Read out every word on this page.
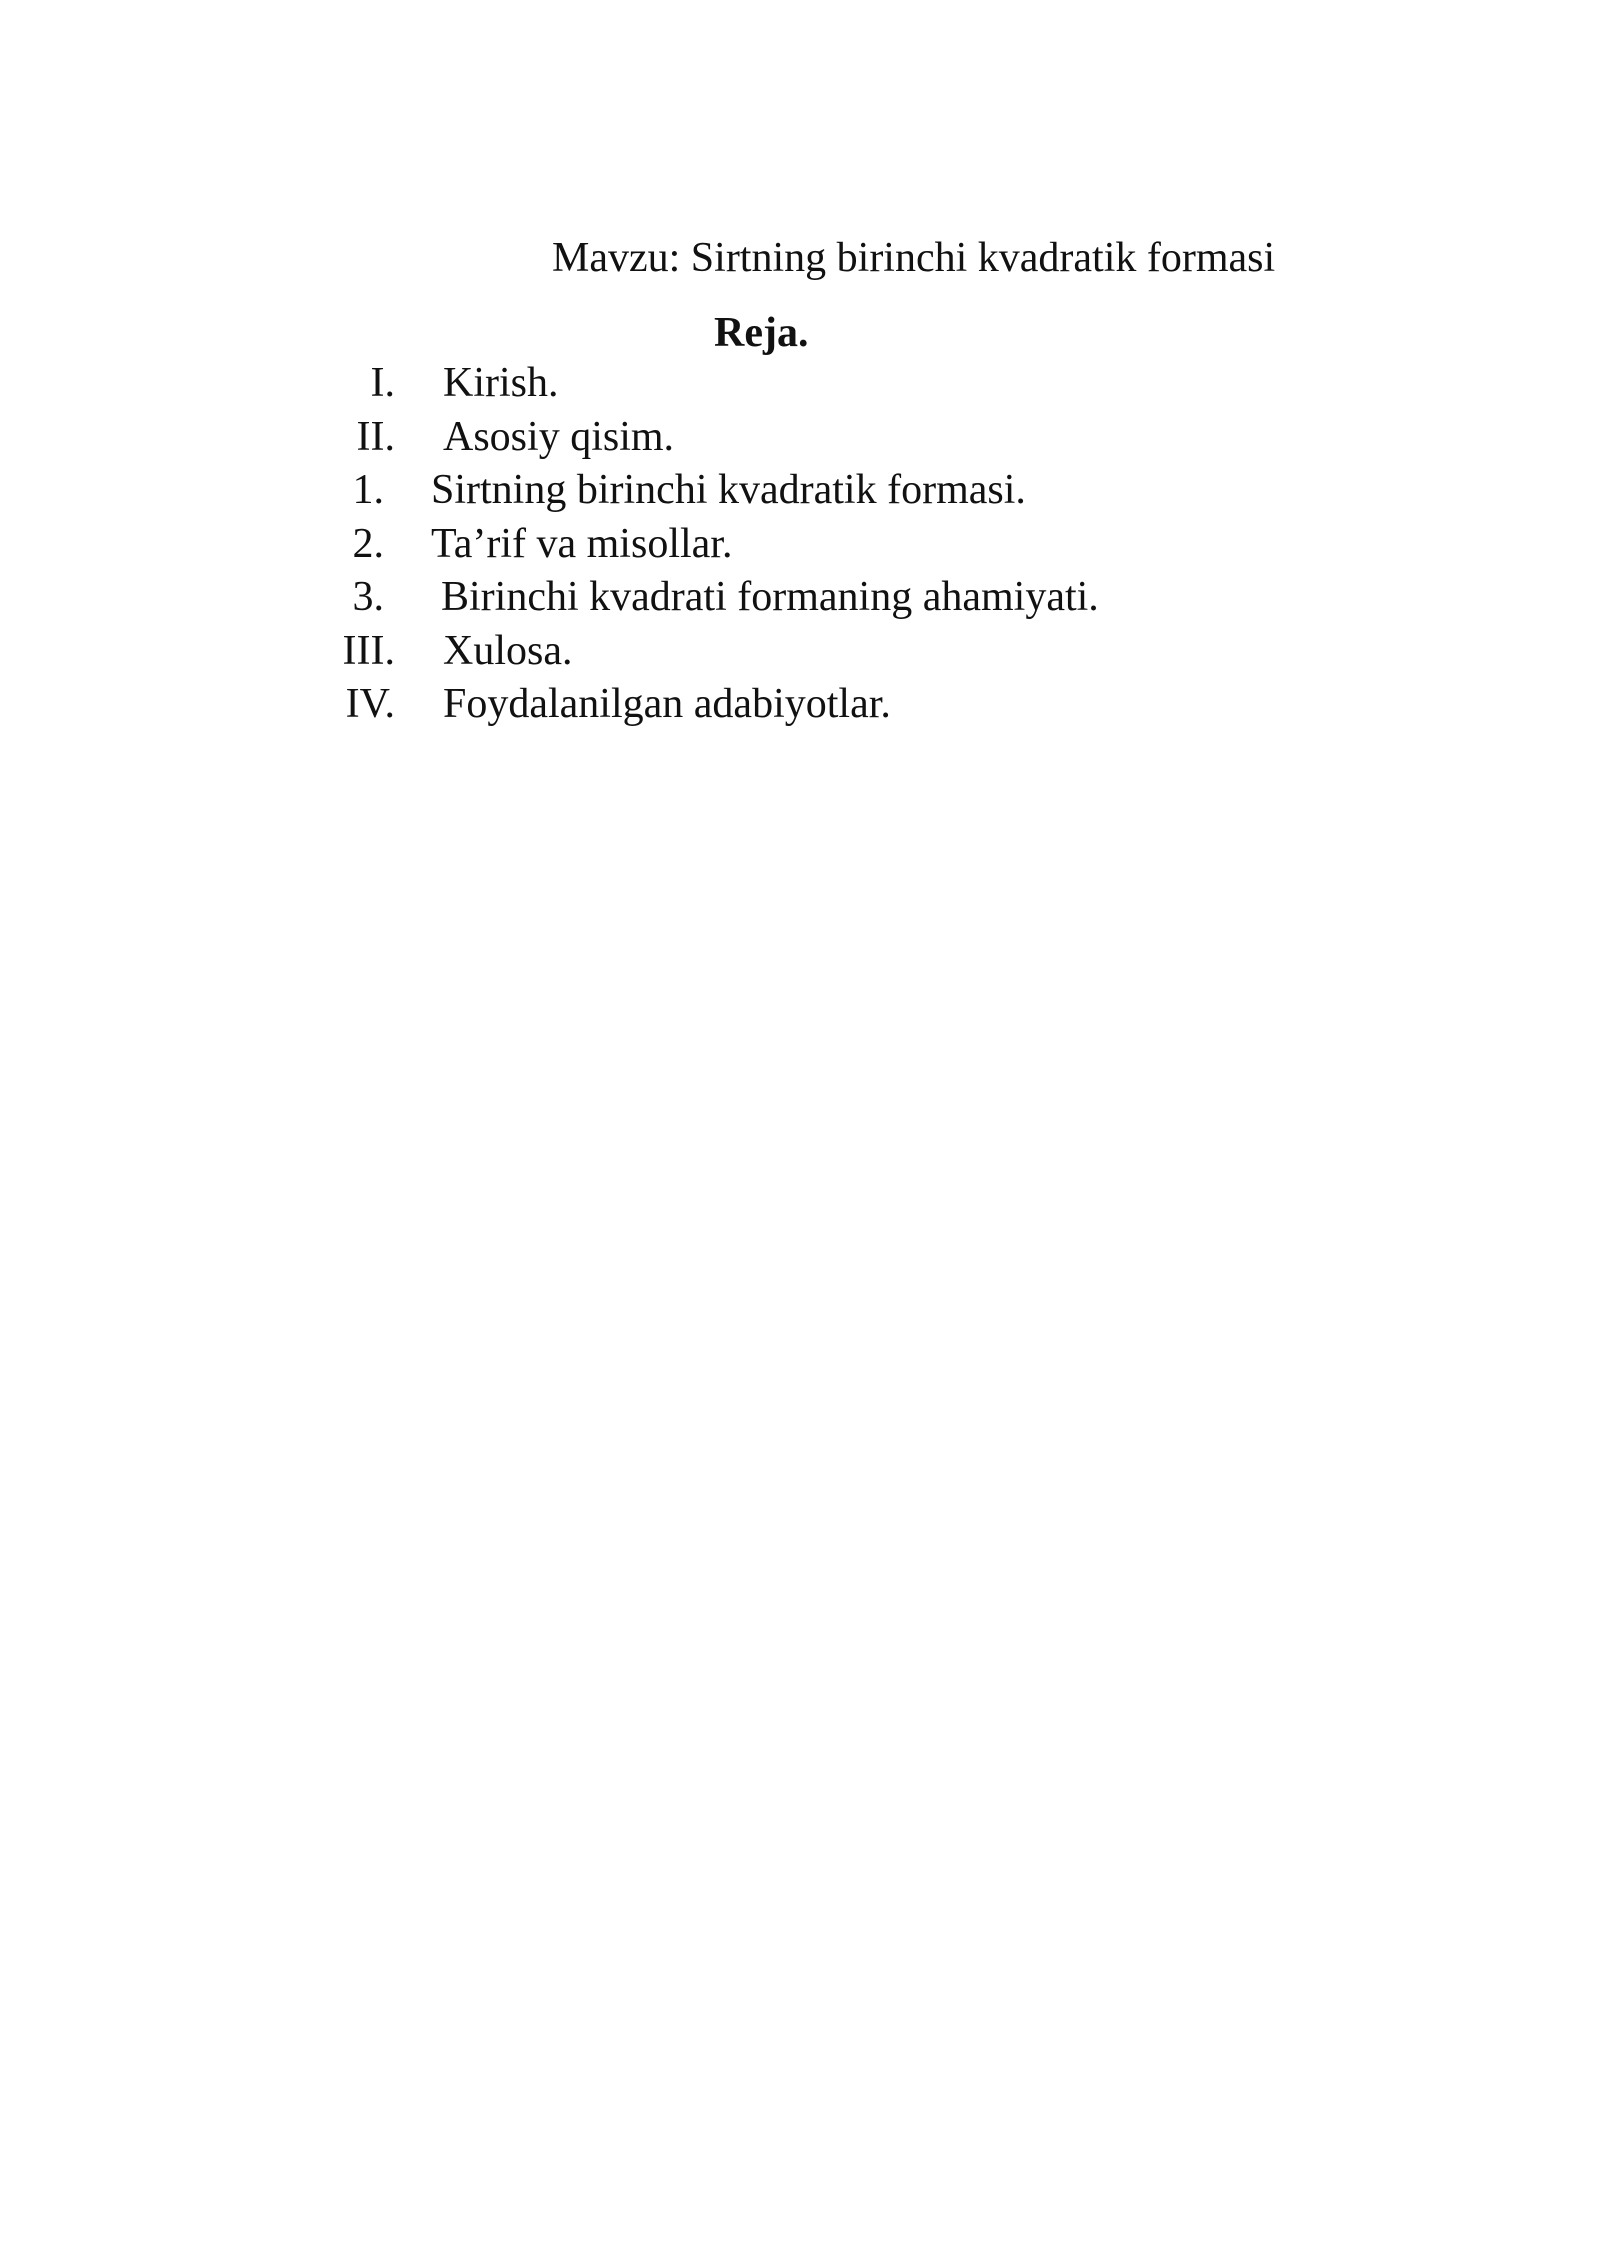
Mavzu: Sirtning birinchi kvadratik formasi
Reja.
I. Kirish.
II. Asosiy qisim.
1. Sirtning birinchi kvadratik formasi.
2. Ta’rif va misollar.
3. Birinchi kvadrati formaning ahamiyati.
III. Xulosa.
IV. Foydalanilgan adabiyotlar.
